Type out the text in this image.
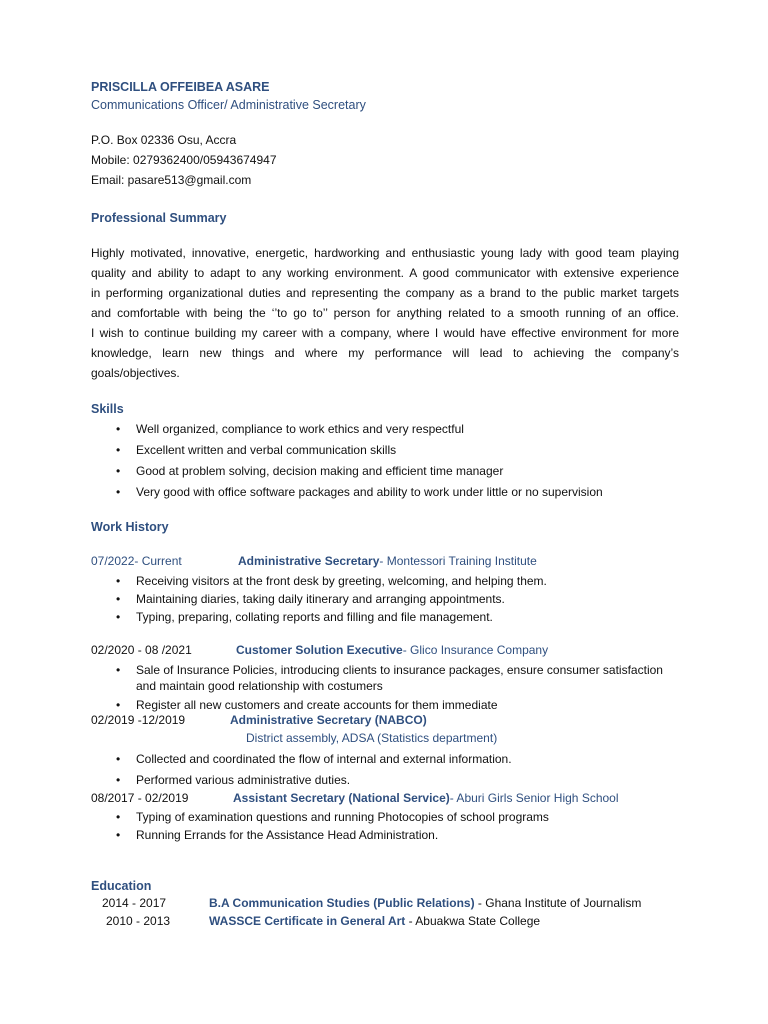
PRISCILLA OFFEIBEA ASARE
Communications Officer/ Administrative Secretary
P.O. Box 02336 Osu, Accra
Mobile: 0279362400/05943674947
Email: pasare513@gmail.com
Professional Summary

Highly motivated, innovative, energetic, hardworking and enthusiastic young lady with good team playing

quality and ability to adapt to any working environment. A good communicator with extensive experience

in performing organizational duties and representing the company as a brand to the public market targets

and comfortable with being the ‘’to go to’’ person for anything related to a smooth running of an office.

I wish to continue building my career with a company, where I would have effective environment for more

knowledge, learn new things and where my performance will lead to achieving the company’s

goals/objectives.

Skills
• Well organized, compliance to work ethics and very respectful
• Excellent written and verbal communication skills
• Good at problem solving, decision making and efficient time manager
• Very good with office software packages and ability to work under little or no supervision
Work History
07/2022- Current	Administrative Secretary- Montessori Training Institute
• Receiving visitors at the front desk by greeting, welcoming, and helping them.
• Maintaining diaries, taking daily itinerary and arranging appointments.
• Typing, preparing, collating reports and filling and file management.
02/2020 - 08 /2021	Customer Solution Executive- Glico Insurance Company
• Sale of Insurance Policies, introducing clients to insurance packages, ensure consumer satisfaction
and maintain good relationship with costumers
• Register all new customers and create accounts for them immediate
02/2019 -12/2019	Administrative Secretary (NABCO)
District assembly, ADSA (Statistics department)
• Collected and coordinated the flow of internal and external information.
• Performed various administrative duties.
08/2017 - 02/2019	Assistant Secretary (National Service)- Aburi Girls Senior High School
• Typing of examination questions and running Photocopies of school programs
• Running Errands for the Assistance Head Administration.
Education
2014 - 2017	B.A Communication Studies (Public Relations) - Ghana Institute of Journalism
2010 - 2013	WASSCE Certificate in General Art - Abuakwa State College
